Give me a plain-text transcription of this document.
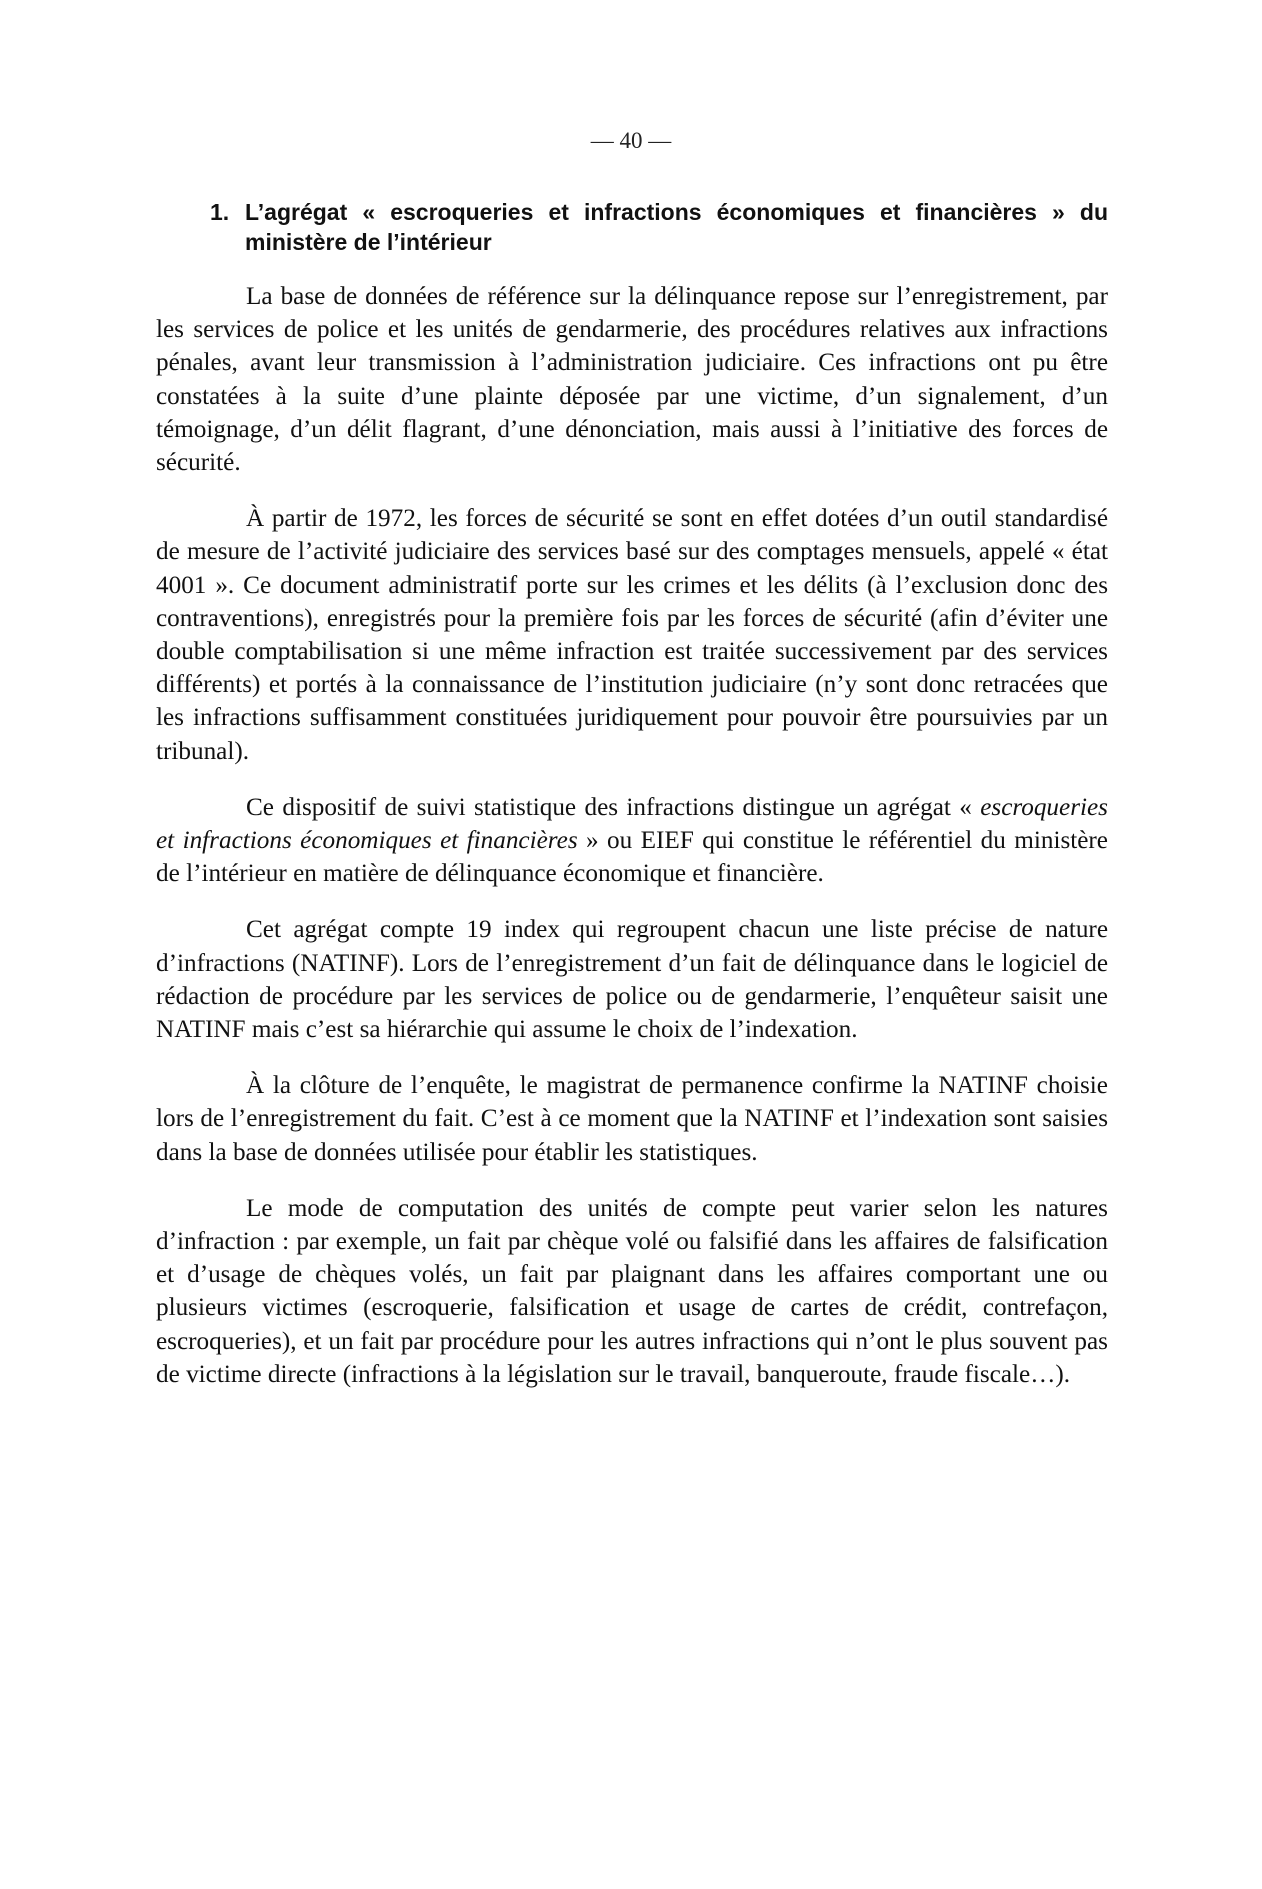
— 40 —
1. L’agrégat « escroqueries et infractions économiques et financières » du ministère de l’intérieur

La base de données de référence sur la délinquance repose sur l’enregistrement, par les services de police et les unités de gendarmerie, des procédures relatives aux infractions pénales, avant leur transmission à l’administration judiciaire. Ces infractions ont pu être constatées à la suite d’une plainte déposée par une victime, d’un signalement, d’un témoignage, d’un délit flagrant, d’une dénonciation, mais aussi à l’initiative des forces de sécurité.

À partir de 1972, les forces de sécurité se sont en effet dotées d’un outil standardisé de mesure de l’activité judiciaire des services basé sur des comptages mensuels, appelé « état 4001 ». Ce document administratif porte sur les crimes et les délits (à l’exclusion donc des contraventions), enregistrés pour la première fois par les forces de sécurité (afin d’éviter une double comptabilisation si une même infraction est traitée successivement par des services différents) et portés à la connaissance de l’institution judiciaire (n’y sont donc retracées que les infractions suffisamment constituées juridiquement pour pouvoir être poursuivies par un tribunal).

Ce dispositif de suivi statistique des infractions distingue un agrégat « escroqueries et infractions économiques et financières » ou EIEF qui constitue le référentiel du ministère de l’intérieur en matière de délinquance économique et financière.

Cet agrégat compte 19 index qui regroupent chacun une liste précise de nature d’infractions (NATINF). Lors de l’enregistrement d’un fait de délinquance dans le logiciel de rédaction de procédure par les services de police ou de gendarmerie, l’enquêteur saisit une NATINF mais c’est sa hiérarchie qui assume le choix de l’indexation.

À la clôture de l’enquête, le magistrat de permanence confirme la NATINF choisie lors de l’enregistrement du fait. C’est à ce moment que la NATINF et l’indexation sont saisies dans la base de données utilisée pour établir les statistiques.

Le mode de computation des unités de compte peut varier selon les natures d’infraction : par exemple, un fait par chèque volé ou falsifié dans les affaires de falsification et d’usage de chèques volés, un fait par plaignant dans les affaires comportant une ou plusieurs victimes (escroquerie, falsification et usage de cartes de crédit, contrefaçon, escroqueries), et un fait par procédure pour les autres infractions qui n’ont le plus souvent pas de victime directe (infractions à la législation sur le travail, banqueroute, fraude fiscale…).
